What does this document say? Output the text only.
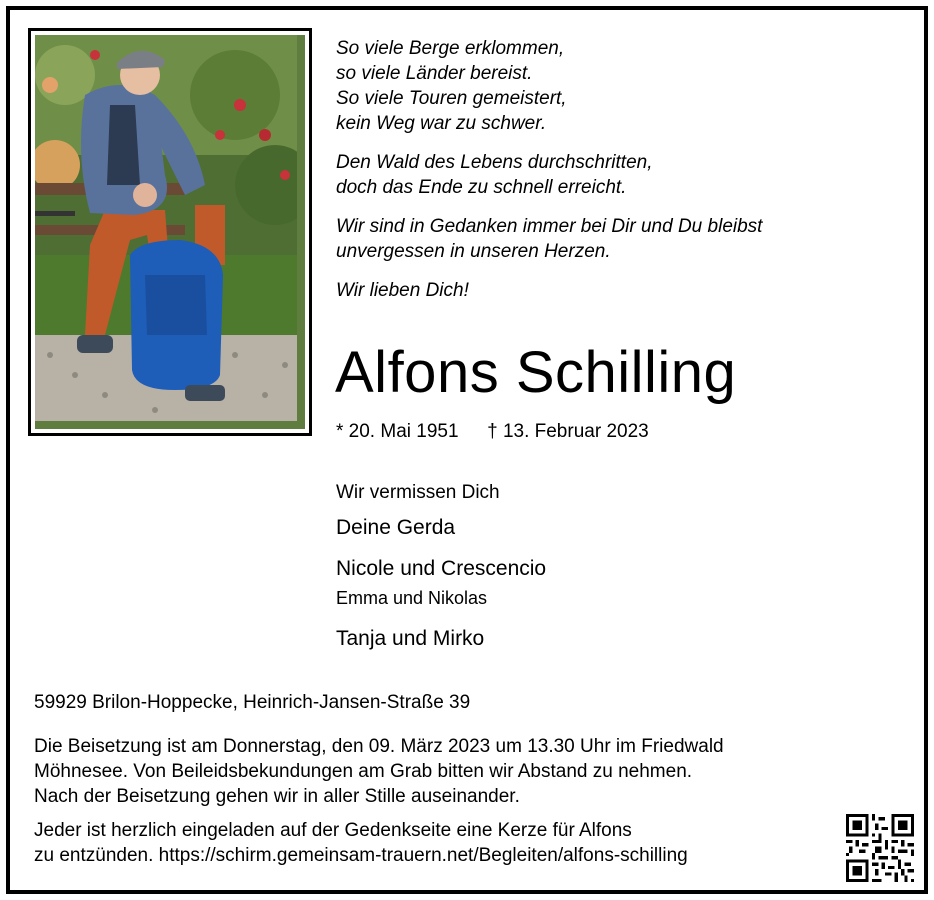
So viele Berge erklommen,
so viele Länder bereist.
So viele Touren gemeistert,
kein Weg war zu schwer.

Den Wald des Lebens durchschritten,
doch das Ende zu schnell erreicht.

Wir sind in Gedanken immer bei Dir und Du bleibst
unvergessen in unseren Herzen.

Wir lieben Dich!

Alfons Schilling
* 20. Mai 1951 † 13. Februar 2023
Wir vermissen Dich
Deine Gerda
Nicole und Crescencio
Emma und Nikolas
Tanja und Mirko
59929 Brilon-Hoppecke, Heinrich-Jansen-Straße 39
Die Beisetzung ist am Donnerstag, den 09. März 2023 um 13.30 Uhr im Friedwald
Möhnesee. Von Beileidsbekundungen am Grab bitten wir Abstand zu nehmen.
Nach der Beisetzung gehen wir in aller Stille auseinander.
Jeder ist herzlich eingeladen auf der Gedenkseite eine Kerze für Alfons
zu entzünden. https://schirm.gemeinsam-trauern.net/Begleiten/alfons-schilling
